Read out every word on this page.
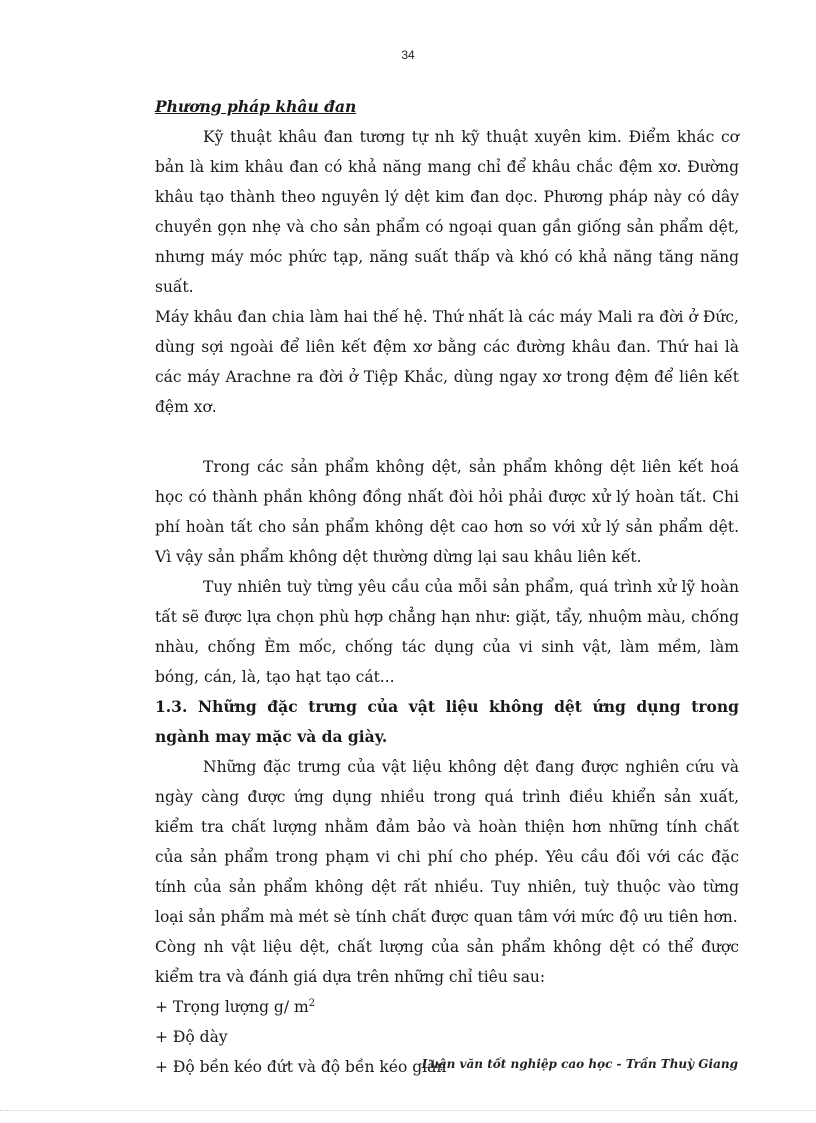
34

Phương pháp khâu đan

Kỹ thuật khâu đan tương tự nh kỹ thuật xuyên kim. Điểm khác cơ bản là kim khâu đan có khả năng mang chỉ để khâu chắc đệm xơ. Đường khâu tạo thành theo nguyên lý dệt kim đan dọc. Phương pháp này có dây chuyền gọn nhẹ và cho sản phẩm có ngoại quan gần giống sản phẩm dệt, nhưng máy móc phức tạp, năng suất thấp và khó có khả năng tăng năng suất.

Máy khâu đan chia làm hai thế hệ. Thứ nhất là các máy Mali ra đời ở Đức, dùng sợi ngoài để liên kết đệm xơ bằng các đường khâu đan. Thứ hai là các máy Arachne ra đời ở Tiệp Khắc, dùng ngay xơ trong đệm để liên kết đệm xơ.

Trong các sản phẩm không dệt, sản phẩm không dệt liên kết hoá học có thành phần không đồng nhất đòi hỏi phải được xử lý hoàn tất. Chi phí hoàn tất cho sản phẩm không dệt cao hơn so với xử lý sản phẩm dệt. Vì vậy sản phẩm không dệt thường dừng lại sau khâu liên kết.

Tuy nhiên tuỳ từng yêu cầu của mỗi sản phẩm, quá trình xử lỹ hoàn tất sẽ được lựa chọn phù hợp chẳng hạn như: giặt, tẩy, nhuộm màu, chống nhàu, chống Èm mốc, chống tác dụng của vi sinh vật, làm mềm, làm bóng, cán, là, tạo hạt tạo cát...

1.3. Những đặc trưng của vật liệu không dệt ứng dụng trong ngành may mặc và da giày.

Những đặc trưng của vật liệu không dệt đang được nghiên cứu và ngày càng được ứng dụng nhiều trong quá trình điều khiển sản xuất, kiểm tra chất lượng nhằm đảm bảo và hoàn thiện hơn những tính chất của sản phẩm trong phạm vi chi phí cho phép. Yêu cầu đối với các đặc tính của sản phẩm không dệt rất nhiều. Tuy nhiên, tuỳ thuộc vào từng loại sản phẩm mà mét sè tính chất được quan tâm với mức độ ưu tiên hơn.

Còng nh vật liệu dệt, chất lượng của sản phẩm không dệt có thể được kiểm tra và đánh giá dựa trên những chỉ tiêu sau:

+ Trọng lượng g/ $m^2$

+ Độ dày

+ Độ bền kéo đứt và độ bền kéo giãn

Luận văn tốt nghiệp cao học - Trần Thuỳ Giang
